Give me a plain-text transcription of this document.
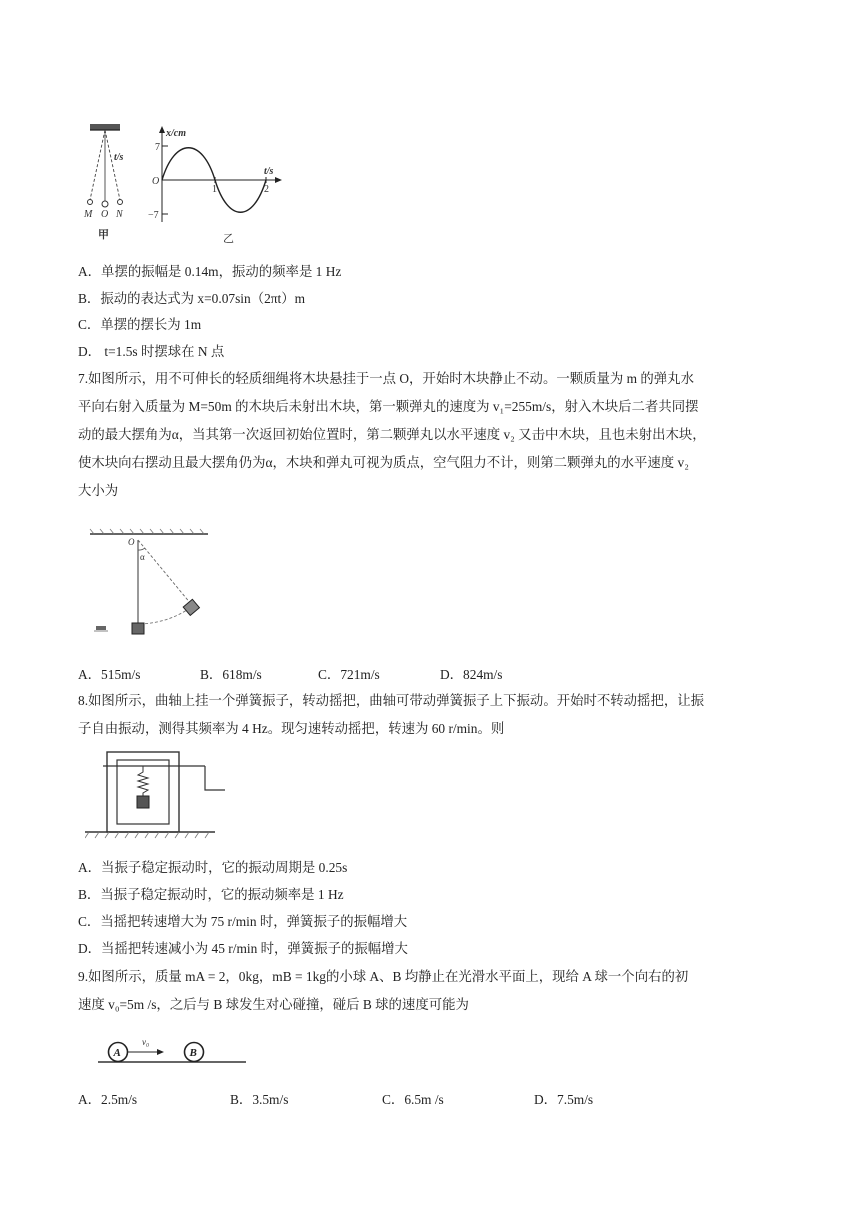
t/s
M O N
甲
x/cm
t/s
7
−7
O
1	2
乙
A．单摆的振幅是 0.14m，振动的频率是 1 Hz
B．振动的表达式为 x=0.07sin（2πt）m
C．单摆的摆长为 1m
D． t=1.5s 时摆球在 N 点
7.如图所示，用不可伸长的轻质细绳将木块悬挂于一点 O，开始时木块静止不动。一颗质量为 m 的弹丸水
平向右射入质量为 M=50m 的木块后未射出木块，第一颗弹丸的速度为 v₁=255m/s，射入木块后二者共同摆
动的最大摆角为α，当其第一次返回初始位置时，第二颗弹丸以水平速度 v₂ 又击中木块，且也未射出木块，
使木块向右摆动且最大摆角仍为α，木块和弹丸可视为质点，空气阻力不计，则第二颗弹丸的水平速度 v₂
大小为
O
α
A．515m/s	B．618m/s	C．721m/s	D．824m/s
8.如图所示，曲轴上挂一个弹簧振子，转动摇把，曲轴可带动弹簧振子上下振动。开始时不转动摇把，让振
子自由振动，测得其频率为 4 Hz。现匀速转动摇把，转速为 60 r/min。则
A．当振子稳定振动时，它的振动周期是 0.25s
B．当振子稳定振动时，它的振动频率是 1 Hz
C．当摇把转速增大为 75 r/min 时，弹簧振子的振幅增大
D．当摇把转速减小为 45 r/min 时，弹簧振子的振幅增大
9.如图所示，质量 mA = 2，0kg，mB = 1kg的小球 A、B 均静止在光滑水平面上，现给 A 球一个向右的初
速度 v₀=5m /s，之后与 B 球发生对心碰撞，碰后 B 球的速度可能为
A	B
v₀
A．2.5m/s	B．3.5m/s	C．6.5m /s	D．7.5m/s
